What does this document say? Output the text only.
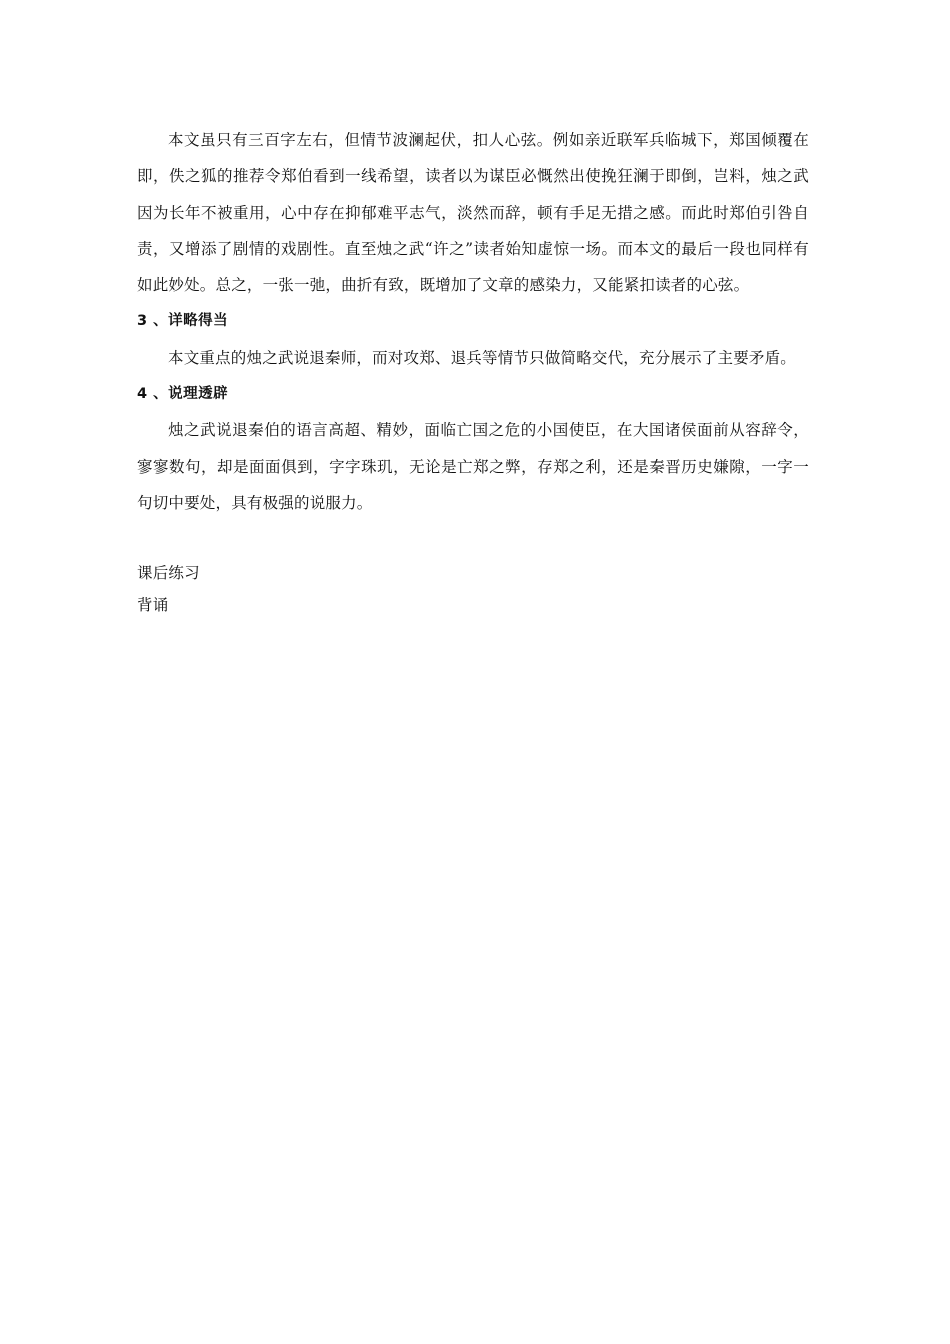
本文虽只有三百字左右，但情节波澜起伏，扣人心弦。例如亲近联军兵临城下，郑国倾覆在即，佚之狐的推荐令郑伯看到一线希望，读者以为谋臣必慨然出使挽狂澜于即倒，岂料，烛之武因为长年不被重用，心中存在抑郁难平志气，淡然而辞，顿有手足无措之感。而此时郑伯引咎自责，又增添了剧情的戏剧性。直至烛之武“许之”读者始知虚惊一场。而本文的最后一段也同样有如此妙处。总之，一张一弛，曲折有致，既增加了文章的感染力，又能紧扣读者的心弦。

3 、详略得当

本文重点的烛之武说退秦师，而对攻郑、退兵等情节只做简略交代，充分展示了主要矛盾。

4 、说理透辟

烛之武说退秦伯的语言高超、精妙，面临亡国之危的小国使臣，在大国诸侯面前从容辞令，寥寥数句，却是面面俱到，字字珠玑，无论是亡郑之弊，存郑之利，还是秦晋历史嫌隙，一字一句切中要处，具有极强的说服力。

课后练习

背诵
